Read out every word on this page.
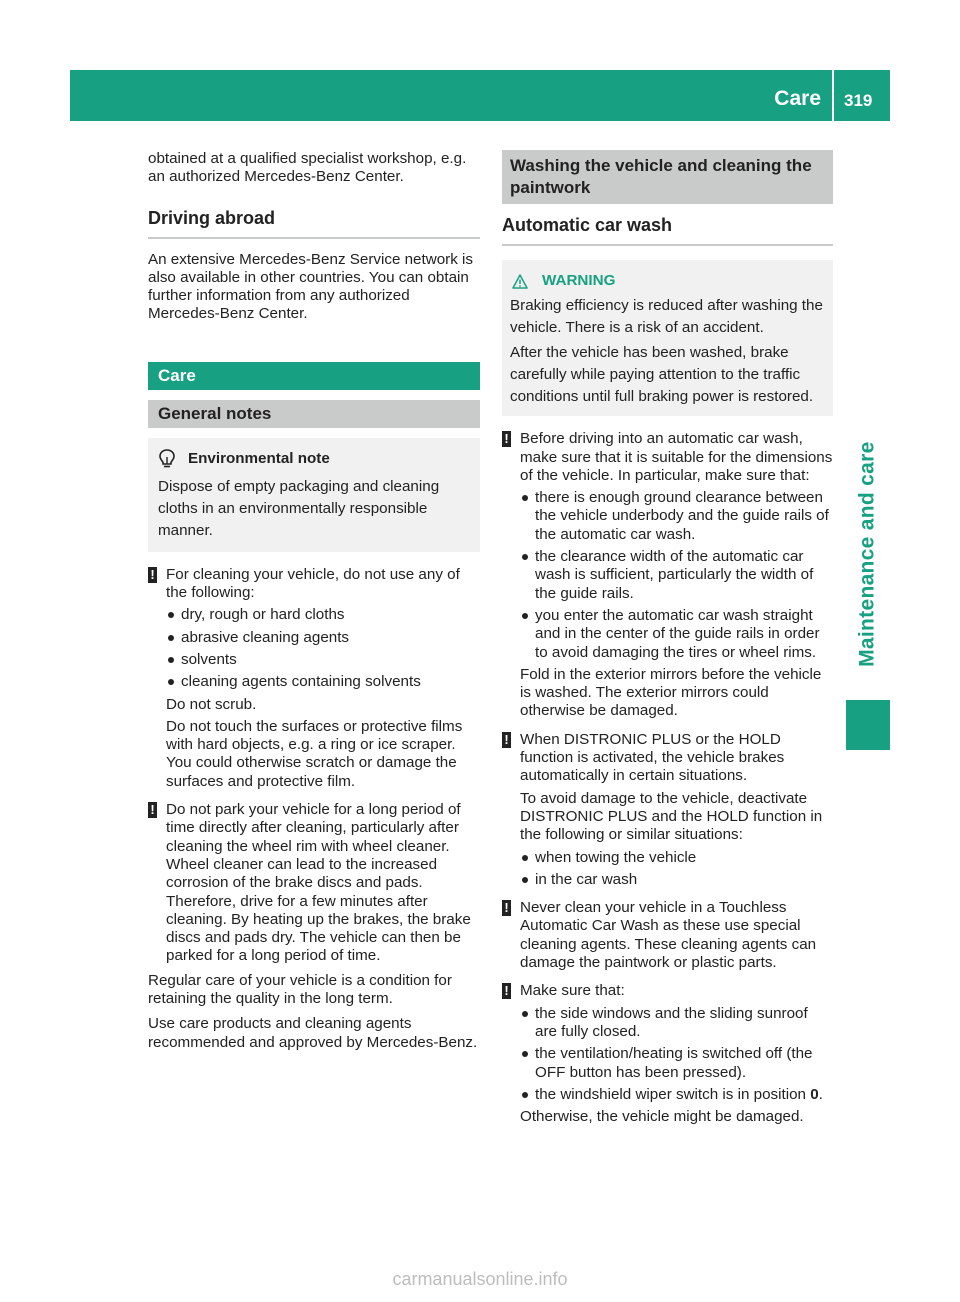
Care 319
Maintenance and care

obtained at a qualified specialist workshop, e.g. an authorized Mercedes-Benz Center.

Driving abroad

An extensive Mercedes-Benz Service network is also available in other countries. You can obtain further information from any authorized Mercedes-Benz Center.

Care
General notes
Environmental note

Dispose of empty packaging and cleaning cloths in an environmentally responsible manner.

! For cleaning your vehicle, do not use any of the following:

dry, rough or hard cloths
abrasive cleaning agents
solvents
cleaning agents containing solvents

Do not scrub.

Do not touch the surfaces or protective films with hard objects, e.g. a ring or ice scraper. You could otherwise scratch or damage the surfaces and protective film.

! Do not park your vehicle for a long period of time directly after cleaning, particularly after cleaning the wheel rim with wheel cleaner. Wheel cleaner can lead to the increased corrosion of the brake discs and pads. Therefore, drive for a few minutes after cleaning. By heating up the brakes, the brake discs and pads dry. The vehicle can then be parked for a long period of time.

Regular care of your vehicle is a condition for retaining the quality in the long term.

Use care products and cleaning agents recommended and approved by Mercedes-Benz.

Washing the vehicle and cleaning the paintwork
Automatic car wash
WARNING

Braking efficiency is reduced after washing the vehicle. There is a risk of an accident.

After the vehicle has been washed, brake carefully while paying attention to the traffic conditions until full braking power is restored.

! Before driving into an automatic car wash, make sure that it is suitable for the dimensions of the vehicle. In particular, make sure that:

there is enough ground clearance between the vehicle underbody and the guide rails of the automatic car wash.
the clearance width of the automatic car wash is sufficient, particularly the width of the guide rails.
you enter the automatic car wash straight and in the center of the guide rails in order to avoid damaging the tires or wheel rims.

Fold in the exterior mirrors before the vehicle is washed. The exterior mirrors could otherwise be damaged.

! When DISTRONIC PLUS or the HOLD function is activated, the vehicle brakes automatically in certain situations.

To avoid damage to the vehicle, deactivate DISTRONIC PLUS and the HOLD function in the following or similar situations:

when towing the vehicle
in the car wash
! Never clean your vehicle in a Touchless Automatic Car Wash as these use special cleaning agents. These cleaning agents can damage the paintwork or plastic parts.

! Make sure that:

the side windows and the sliding sunroof are fully closed.
the ventilation/heating is switched off (the OFF button has been pressed).
the windshield wiper switch is in position 0.

Otherwise, the vehicle might be damaged.

carmanualsonline.info
